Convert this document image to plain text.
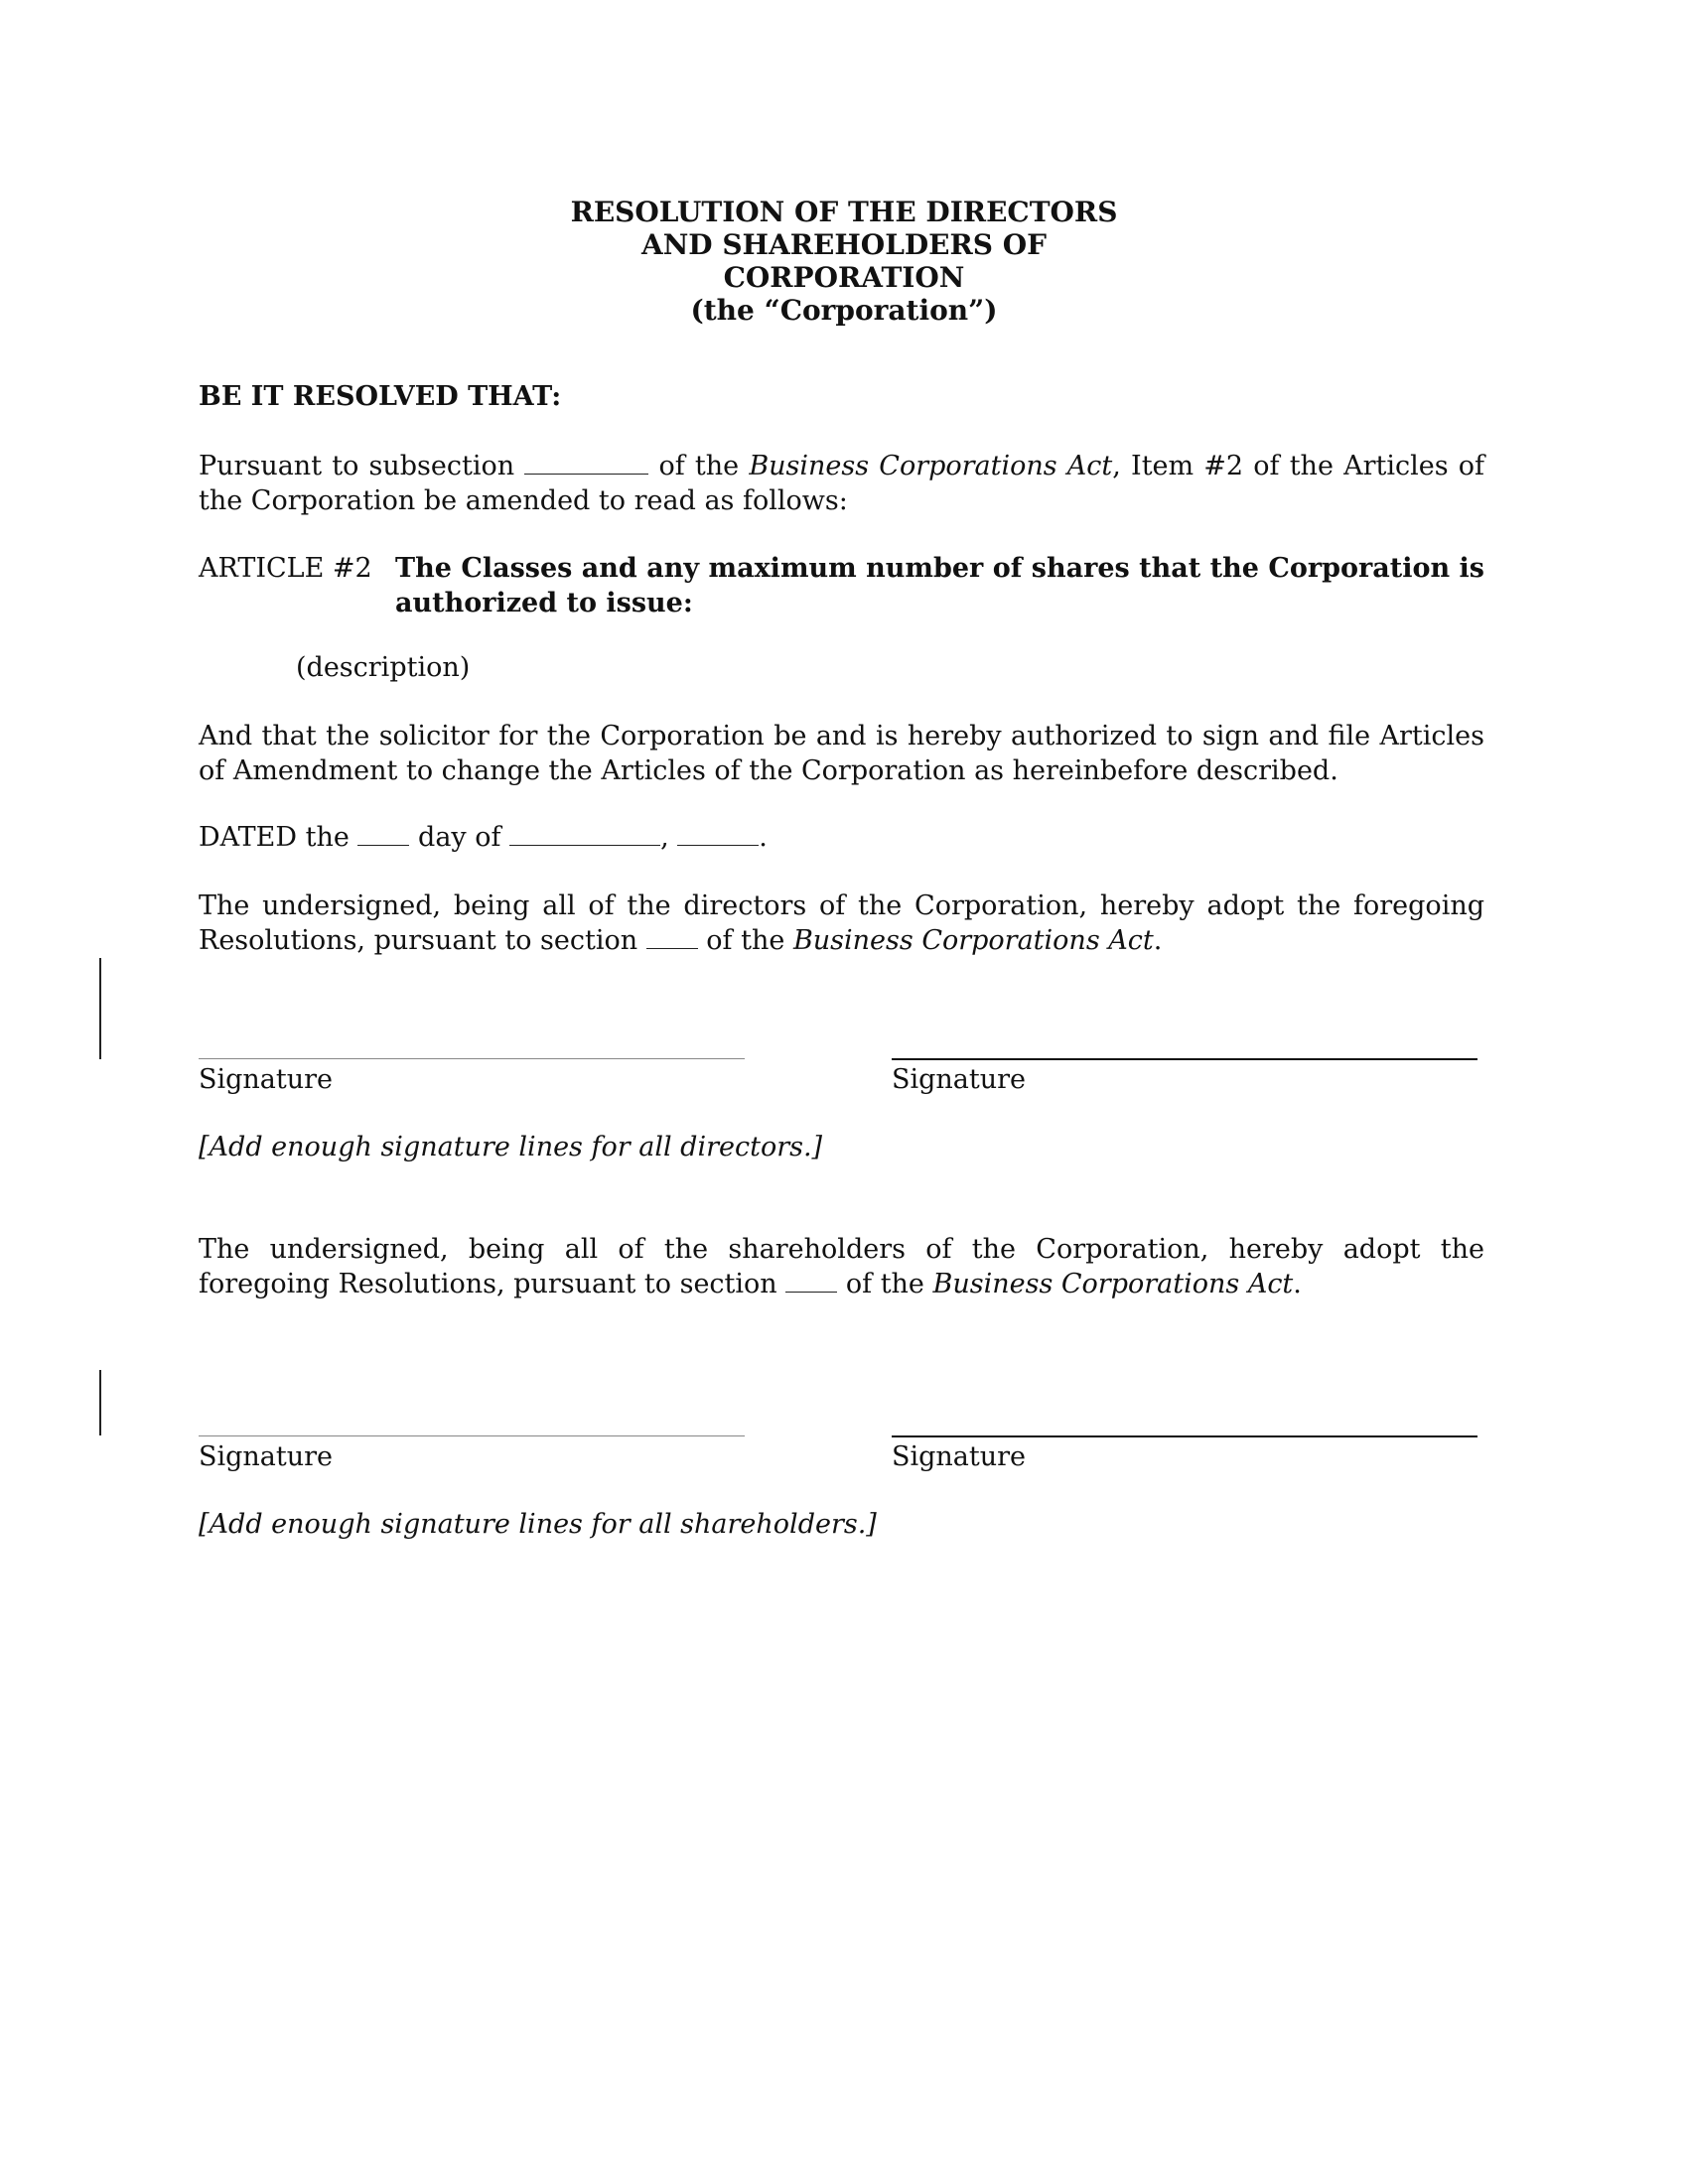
RESOLUTION OF THE DIRECTORS
AND SHAREHOLDERS OF
CORPORATION
(the “Corporation”)
BE IT RESOLVED THAT:
Pursuant to subsection	of the Business Corporations Act, Item #2 of the Articles of the Corporation be amended to read as follows:
ARTICLE #2 The Classes and any maximum number of shares that the Corporation is authorized to issue:
(description)
And that the solicitor for the Corporation be and is hereby authorized to sign and file Articles of Amendment to change the Articles of the Corporation as hereinbefore described.
DATED the	day of	,	.
The undersigned, being all of the directors of the Corporation, hereby adopt the foregoing Resolutions, pursuant to section  of the Business Corporations Act.
Signature	Signature
[Add enough signature lines for all directors.]
The undersigned, being all of the shareholders of the Corporation, hereby adopt the foregoing Resolutions, pursuant to section  of the Business Corporations Act.
Signature	Signature
[Add enough signature lines for all shareholders.]
